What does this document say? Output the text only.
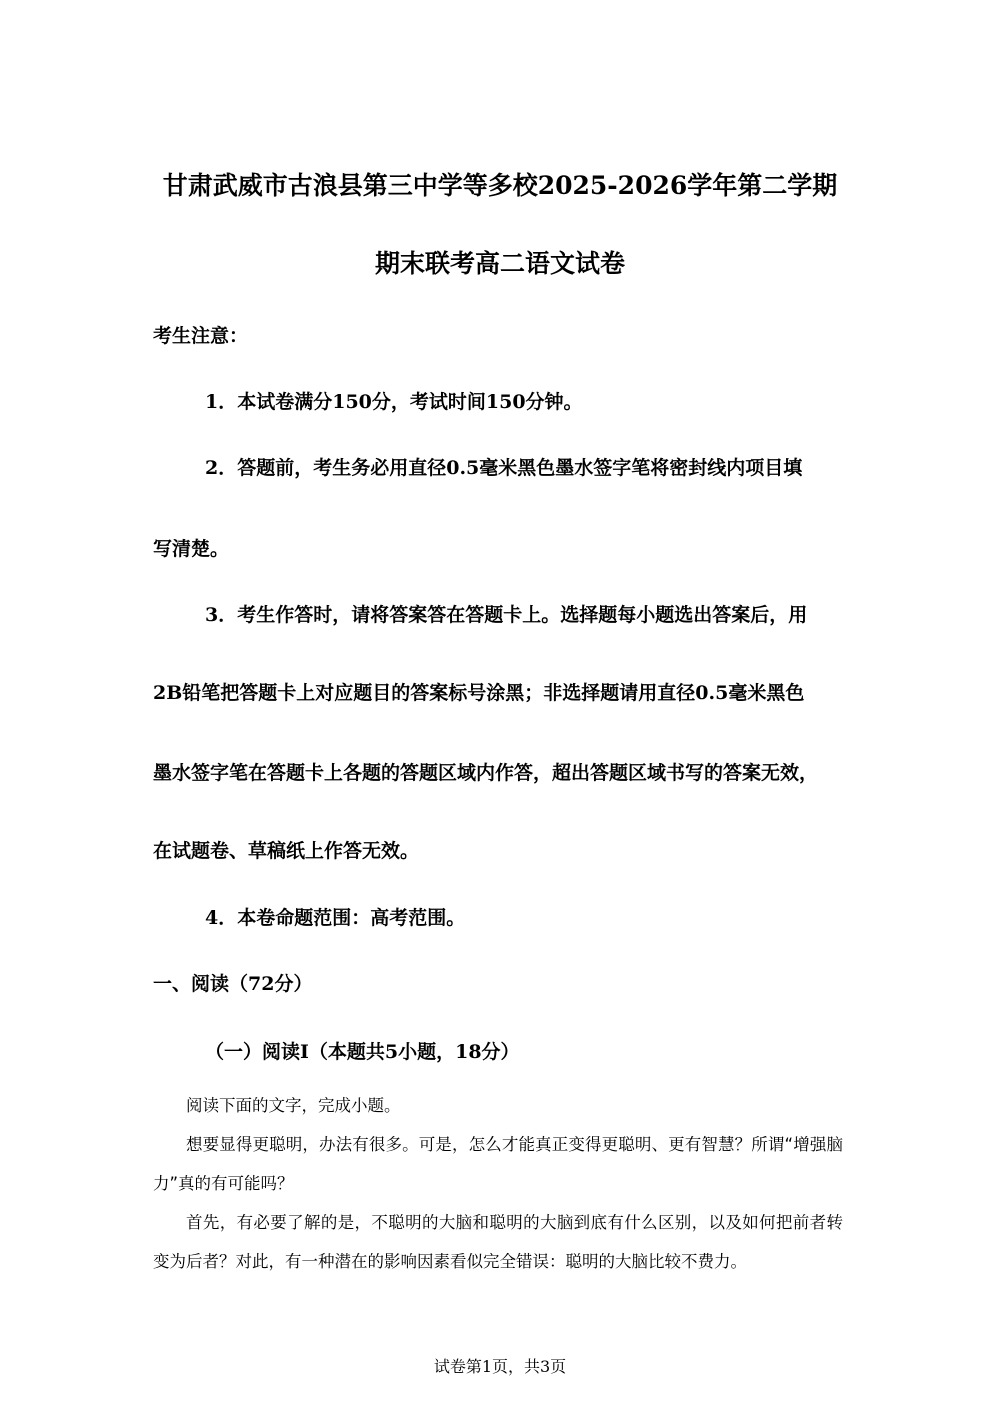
甘肃武威市古浪县第三中学等多校2025-2026学年第二学期
期末联考高二语文试卷
考生注意：
1．本试卷满分150分，考试时间150分钟。
2．答题前，考生务必用直径0.5毫米黑色墨水签字笔将密封线内项目填
写清楚。
3．考生作答时，请将答案答在答题卡上。选择题每小题选出答案后，用
2B铅笔把答题卡上对应题目的答案标号涂黑；非选择题请用直径0.5毫米黑色
墨水签字笔在答题卡上各题的答题区域内作答，超出答题区域书写的答案无效，
在试题卷、草稿纸上作答无效。
4．本卷命题范围：高考范围。
一、阅读（72分）
（一）阅读Ⅰ（本题共5小题，18分）

阅读下面的文字，完成小题。

想要显得更聪明，办法有很多。可是，怎么才能真正变得更聪明、更有智慧？所谓“增强脑力”真的有可能吗？

首先，有必要了解的是，不聪明的大脑和聪明的大脑到底有什么区别，以及如何把前者转变为后者？对此，有一种潜在的影响因素看似完全错误：聪明的大脑比较不费力。

试卷第1页，共3页
